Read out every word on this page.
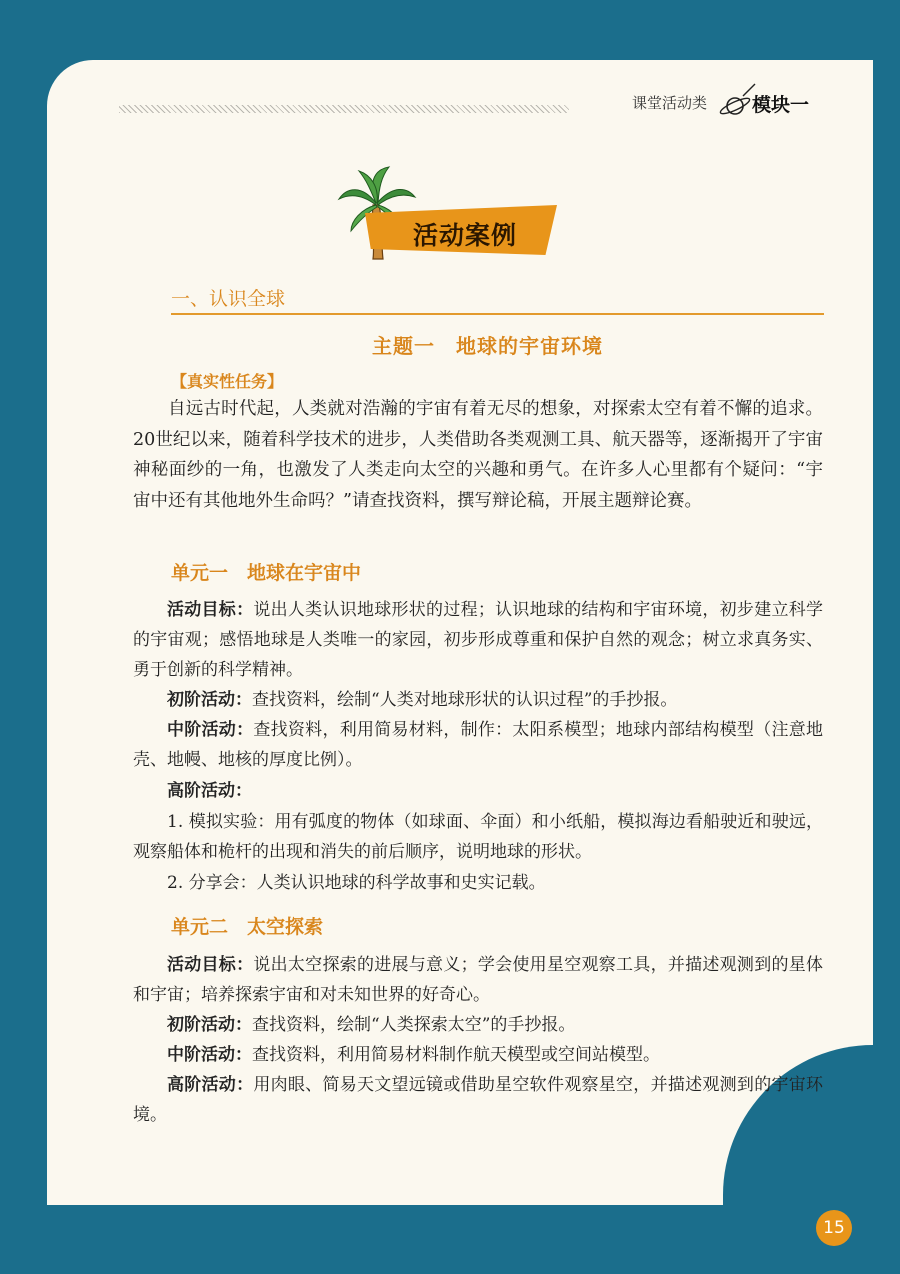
课堂活动类 模块一
活动案例
一、认识全球
主题一　地球的宇宙环境
【真实性任务】

自远古时代起，人类就对浩瀚的宇宙有着无尽的想象，对探索太空有着不懈的追求。20世纪以来，随着科学技术的进步，人类借助各类观测工具、航天器等，逐渐揭开了宇宙神秘面纱的一角，也激发了人类走向太空的兴趣和勇气。在许多人心里都有个疑问：“宇宙中还有其他地外生命吗？”请查找资料，撰写辩论稿，开展主题辩论赛。

单元一　地球在宇宙中

活动目标：说出人类认识地球形状的过程；认识地球的结构和宇宙环境，初步建立科学的宇宙观；感悟地球是人类唯一的家园，初步形成尊重和保护自然的观念；树立求真务实、勇于创新的科学精神。

初阶活动：查找资料，绘制“人类对地球形状的认识过程”的手抄报。

中阶活动：查找资料，利用简易材料，制作：太阳系模型；地球内部结构模型（注意地壳、地幔、地核的厚度比例）。

高阶活动：

1. 模拟实验：用有弧度的物体（如球面、伞面）和小纸船，模拟海边看船驶近和驶远，观察船体和桅杆的出现和消失的前后顺序，说明地球的形状。

2. 分享会：人类认识地球的科学故事和史实记载。

单元二　太空探索

活动目标：说出太空探索的进展与意义；学会使用星空观察工具，并描述观测到的星体和宇宙；培养探索宇宙和对未知世界的好奇心。

初阶活动：查找资料，绘制“人类探索太空”的手抄报。

中阶活动：查找资料，利用简易材料制作航天模型或空间站模型。

高阶活动：用肉眼、简易天文望远镜或借助星空软件观察星空，并描述观测到的宇宙环境。

15
